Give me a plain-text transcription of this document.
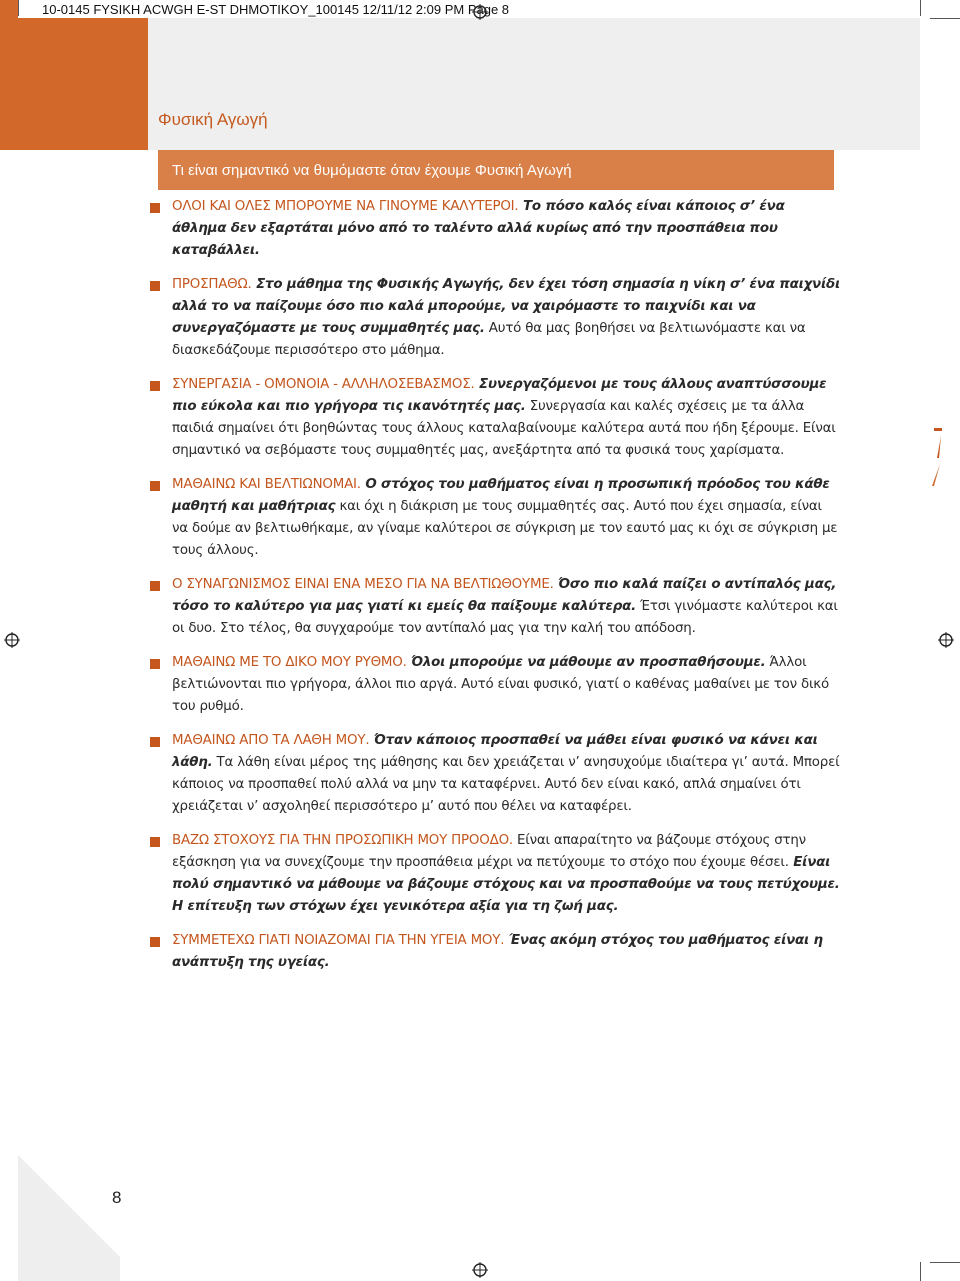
10-0145 FYSIKH ACWGH E-ST DHMOTIKOY_100145 12/11/12 2:09 PM Page 8
Φυσική Αγωγή
Τι είναι σημαντικό να θυμόμαστε όταν έχουμε Φυσική Αγωγή
ΟΛΟΙ ΚΑΙ ΟΛΕΣ ΜΠΟΡΟΥΜΕ ΝΑ ΓΙΝΟΥΜΕ ΚΑΛΥΤΕΡΟΙ. Το πόσο καλός είναι κάποιος σ’ ένα άθλημα δεν εξαρτάται μόνο από το ταλέντο αλλά κυρίως από την προσπάθεια που καταβάλλει.
ΠΡΟΣΠΑΘΩ. Στο μάθημα της Φυσικής Αγωγής, δεν έχει τόση σημασία η νίκη σ’ ένα παιχνίδι αλλά το να παίζουμε όσο πιο καλά μπορούμε, να χαιρόμαστε το παιχνίδι και να συνεργαζόμαστε με τους συμμαθητές μας. Αυτό θα μας βοηθήσει να βελτιωνόμαστε και να διασκεδάζουμε περισσότερο στο μάθημα.
ΣΥΝΕΡΓΑΣΙΑ - ΟΜΟΝΟΙΑ - ΑΛΛΗΛΟΣΕΒΑΣΜΟΣ. Συνεργαζόμενοι με τους άλλους αναπτύσσουμε πιο εύκολα και πιο γρήγορα τις ικανότητές μας. Συνεργασία και καλές σχέσεις με τα άλλα παιδιά σημαίνει ότι βοηθώντας τους άλλους καταλαβαίνουμε καλύτερα αυτά που ήδη ξέρουμε. Είναι σημαντικό να σεβόμαστε τους συμμαθητές μας, ανεξάρτητα από τα φυσικά τους χαρίσματα.
ΜΑΘΑΙΝΩ ΚΑΙ ΒΕΛΤΙΩΝΟΜΑΙ. Ο στόχος του μαθήματος είναι η προσωπική πρόοδος του κάθε μαθητή και μαθήτριας και όχι η διάκριση με τους συμμαθητές σας. Αυτό που έχει σημασία, είναι να δούμε αν βελτιωθήκαμε, αν γίναμε καλύτεροι σε σύγκριση με τον εαυτό μας κι όχι σε σύγκριση με τους άλλους.
Ο ΣΥΝΑΓΩΝΙΣΜΟΣ ΕΙΝΑΙ ΕΝΑ ΜΕΣΟ ΓΙΑ ΝΑ ΒΕΛΤΙΩΘΟΥΜΕ. Όσο πιο καλά παίζει ο αντίπαλός μας, τόσο το καλύτερο για μας γιατί κι εμείς θα παίξουμε καλύτερα. Έτσι γινόμαστε καλύτεροι και οι δυο. Στο τέλος, θα συγχαρούμε τον αντίπαλό μας για την καλή του απόδοση.
ΜΑΘΑΙΝΩ ΜΕ ΤΟ ΔΙΚΟ ΜΟΥ ΡΥΘΜΟ. Όλοι μπορούμε να μάθουμε αν προσπαθήσουμε. Άλλοι βελτιώνονται πιο γρήγορα, άλλοι πιο αργά. Αυτό είναι φυσικό, γιατί ο καθένας μαθαίνει με τον δικό του ρυθμό.
ΜΑΘΑΙΝΩ ΑΠΟ ΤΑ ΛΑΘΗ ΜΟΥ. Όταν κάποιος προσπαθεί να μάθει είναι φυσικό να κάνει και λάθη. Τα λάθη είναι μέρος της μάθησης και δεν χρειάζεται ν’ ανησυχούμε ιδιαίτερα γι’ αυτά. Μπορεί κάποιος να προσπαθεί πολύ αλλά να μην τα καταφέρνει. Αυτό δεν είναι κακό, απλά σημαίνει ότι χρειάζεται ν’ ασχοληθεί περισσότερο μ’ αυτό που θέλει να καταφέρει.
ΒΑΖΩ ΣΤΟΧΟΥΣ ΓΙΑ ΤΗΝ ΠΡΟΣΩΠΙΚΗ ΜΟΥ ΠΡΟΟΔΟ. Είναι απαραίτητο να βάζουμε στόχους στην εξάσκηση για να συνεχίζουμε την προσπάθεια μέχρι να πετύχουμε το στόχο που έχουμε θέσει. Είναι πολύ σημαντικό να μάθουμε να βάζουμε στόχους και να προσπαθούμε να τους πετύχουμε. Η επίτευξη των στόχων έχει γενικότερα αξία για τη ζωή μας.
ΣΥΜΜΕΤΕΧΩ ΓΙΑΤΙ ΝΟΙΑΖΟΜΑΙ ΓΙΑ ΤΗΝ ΥΓΕΙΑ ΜΟΥ. Ένας ακόμη στόχος του μαθήματος είναι η ανάπτυξη της υγείας.
8
